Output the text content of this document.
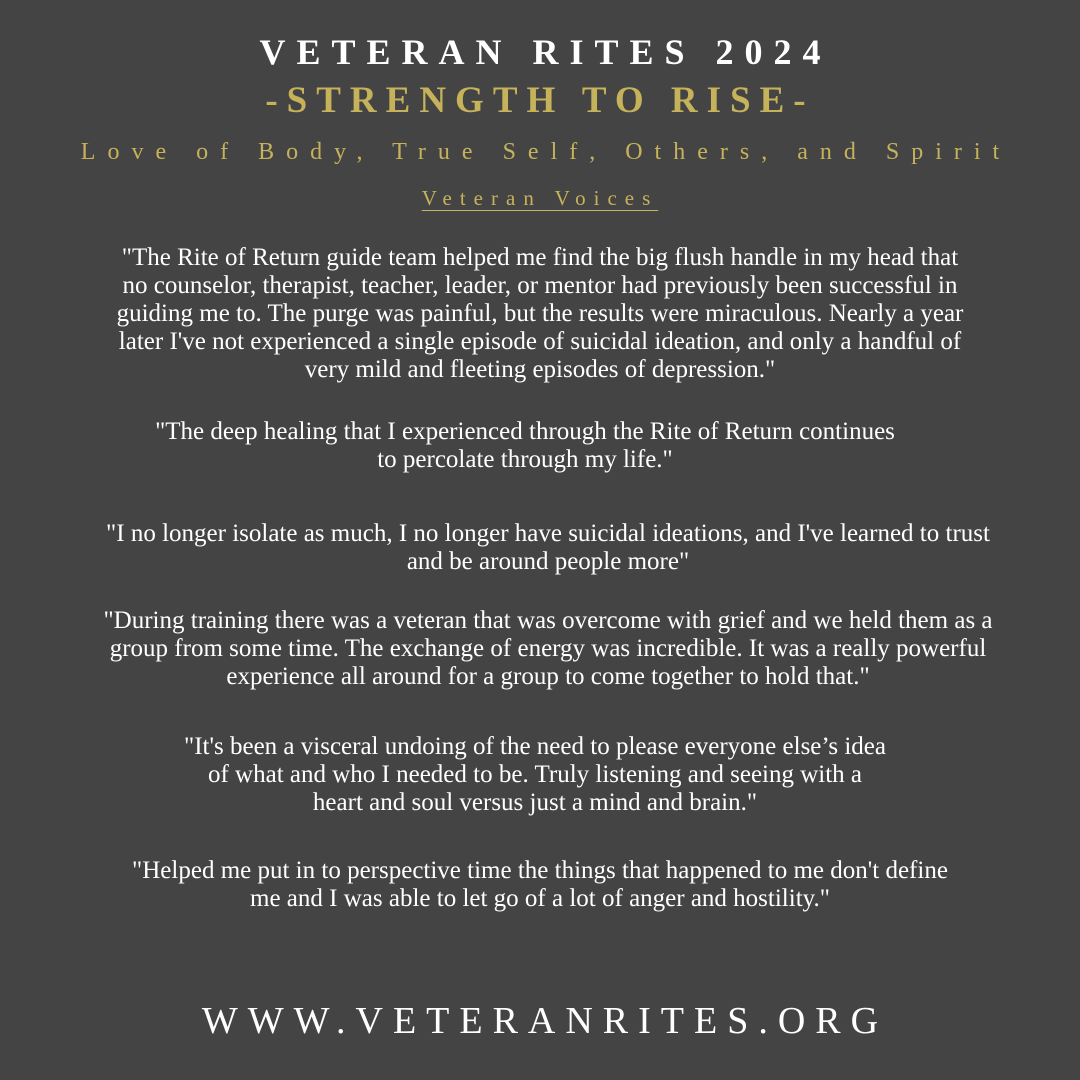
VETERAN RITES 2024
-STRENGTH TO RISE-

Love of Body, True Self, Others, and Spirit

Veteran Voices

"The Rite of Return guide team helped me find the big flush handle in my head that
no counselor, therapist, teacher, leader, or mentor had previously been successful in
guiding me to. The purge was painful, but the results were miraculous. Nearly a year
later I've not experienced a single episode of suicidal ideation, and only a handful of
very mild and fleeting episodes of depression."

"The deep healing that I experienced through the Rite of Return continues
to percolate through my life."

"I no longer isolate as much, I no longer have suicidal ideations, and I've learned to trust
and be around people more"

"During training there was a veteran that was overcome with grief and we held them as a
group from some time. The exchange of energy was incredible. It was a really powerful
experience all around for a group to come together to hold that."

"It's been a visceral undoing of the need to please everyone else’s idea
of what and who I needed to be. Truly listening and seeing with a
heart and soul versus just a mind and brain."

"Helped me put in to perspective time the things that happened to me don't define
me and I was able to let go of a lot of anger and hostility."

WWW.VETERANRITES.ORG
